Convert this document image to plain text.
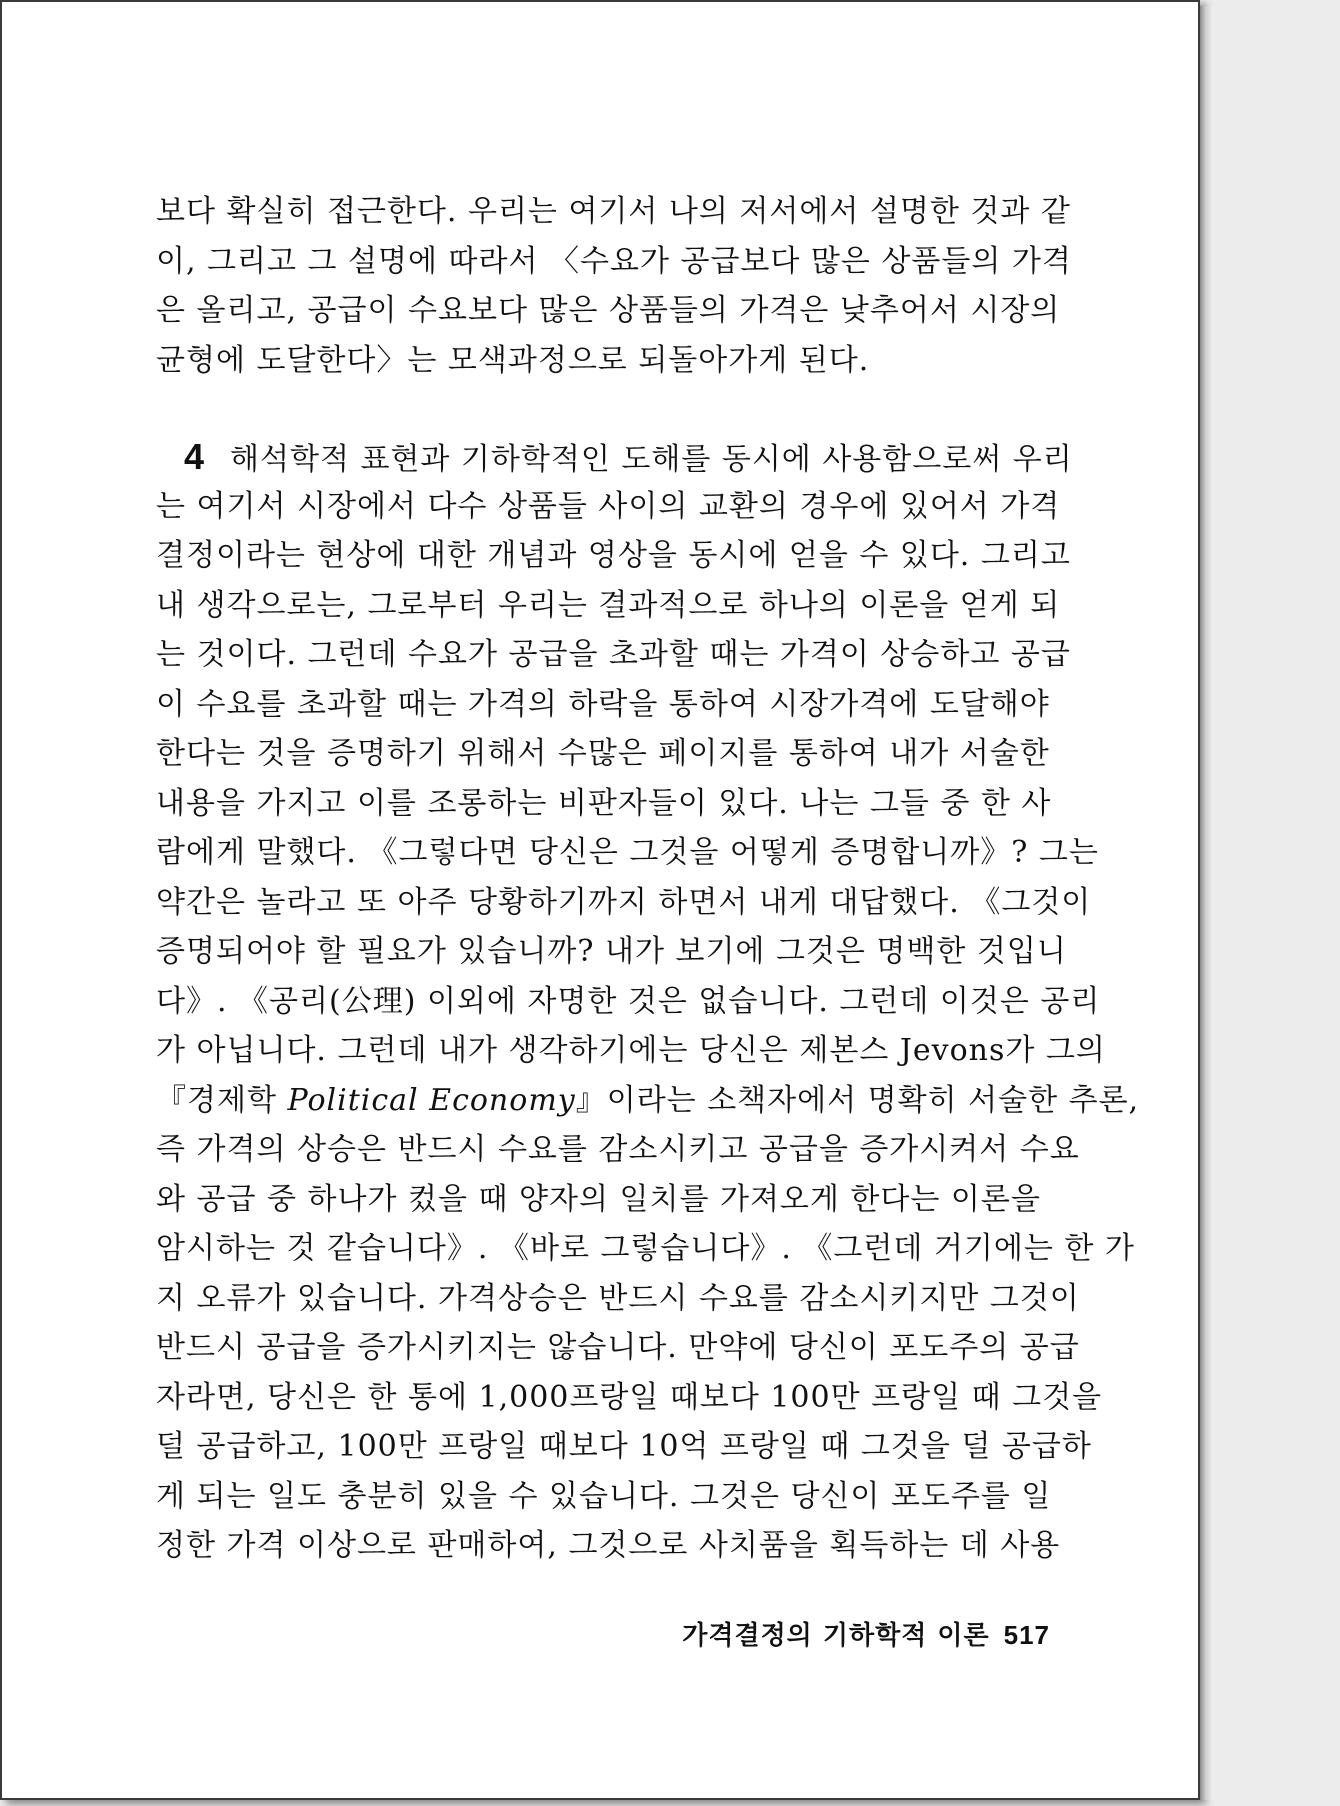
보다 확실히 접근한다. 우리는 여기서 나의 저서에서 설명한 것과 같
이, 그리고 그 설명에 따라서 〈수요가 공급보다 많은 상품들의 가격
은 올리고, 공급이 수요보다 많은 상품들의 가격은 낮추어서 시장의
균형에 도달한다〉는 모색과정으로 되돌아가게 된다.
4 해석학적 표현과 기하학적인 도해를 동시에 사용함으로써 우리
는 여기서 시장에서 다수 상품들 사이의 교환의 경우에 있어서 가격
결정이라는 현상에 대한 개념과 영상을 동시에 얻을 수 있다. 그리고
내 생각으로는, 그로부터 우리는 결과적으로 하나의 이론을 얻게 되
는 것이다. 그런데 수요가 공급을 초과할 때는 가격이 상승하고 공급
이 수요를 초과할 때는 가격의 하락을 통하여 시장가격에 도달해야
한다는 것을 증명하기 위해서 수많은 페이지를 통하여 내가 서술한
내용을 가지고 이를 조롱하는 비판자들이 있다. 나는 그들 중 한 사
람에게 말했다. 《그렇다면 당신은 그것을 어떻게 증명합니까》? 그는
약간은 놀라고 또 아주 당황하기까지 하면서 내게 대답했다. 《그것이
증명되어야 할 필요가 있습니까? 내가 보기에 그것은 명백한 것입니
다》. 《공리(公理) 이외에 자명한 것은 없습니다. 그런데 이것은 공리
가 아닙니다. 그런데 내가 생각하기에는 당신은 제본스 Jevons가 그의
『경제학 Political Economy』이라는 소책자에서 명확히 서술한 추론,
즉 가격의 상승은 반드시 수요를 감소시키고 공급을 증가시켜서 수요
와 공급 중 하나가 컸을 때 양자의 일치를 가져오게 한다는 이론을
암시하는 것 같습니다》. 《바로 그렇습니다》. 《그런데 거기에는 한 가
지 오류가 있습니다. 가격상승은 반드시 수요를 감소시키지만 그것이
반드시 공급을 증가시키지는 않습니다. 만약에 당신이 포도주의 공급
자라면, 당신은 한 통에 1,000프랑일 때보다 100만 프랑일 때 그것을
덜 공급하고, 100만 프랑일 때보다 10억 프랑일 때 그것을 덜 공급하
게 되는 일도 충분히 있을 수 있습니다. 그것은 당신이 포도주를 일
정한 가격 이상으로 판매하여, 그것으로 사치품을 획득하는 데 사용
가격결정의 기하학적 이론 517
